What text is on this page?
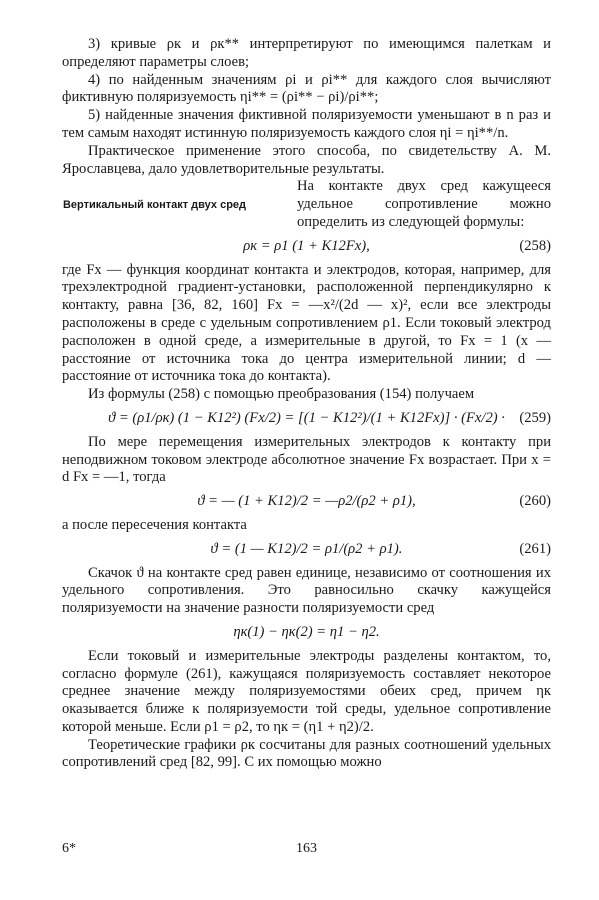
3) кривые ρк и ρк** интерпретируют по имеющимся палеткам и определяют параметры слоев;

4) по найденным значениям ρi и ρi** для каждого слоя вычисляют фиктивную поляризуемость ηi** = (ρi** − ρi)/ρi**;

5) найденные значения фиктивной поляризуемости уменьшают в n раз и тем самым находят истинную поляризуемость каждого слоя ηi = ηi**/n.

Практическое применение этого способа, по свидетельству А. М. Ярославцева, дало удовлетворительные результаты.

Вертикальный контакт двух сред
На контакте двух сред кажущееся удельное сопротивление можно определить из следующей формулы:
ρк = ρ1 (1 + K12Fx),	(258)

где Fx — функция координат контакта и электродов, которая, например, для трехэлектродной градиент-установки, расположенной перпендикулярно к контакту, равна [36, 82, 160] Fx = —x²/(2d — x)², если все электроды расположены в среде с удельным сопротивлением ρ1. Если токовый электрод расположен в одной среде, а измерительные в другой, то Fx = 1 (x — расстояние от источника тока до центра измерительной линии; d — расстояние от источника тока до контакта).

Из формулы (258) с помощью преобразования (154) получаем

ϑ = (ρ1/ρк) (1 − K12²) (Fx/2) = [(1 − K12²)/(1 + K12Fx)] · (Fx/2) · (259)

По мере перемещения измерительных электродов к контакту при неподвижном токовом электроде абсолютное значение Fx возрастает. При x = d Fx = —1, тогда

ϑ = — (1 + K12)/2 = —ρ2/(ρ2 + ρ1),	(260)

а после пересечения контакта

ϑ = (1 — K12)/2 = ρ1/(ρ2 + ρ1).	(261)

Скачок ϑ на контакте сред равен единице, независимо от соотношения их удельного сопротивления. Это равносильно скачку кажущейся поляризуемости на значение разности поляризуемости сред

ηк(1) − ηк(2) = η1 − η2.

Если токовый и измерительные электроды разделены контактом, то, согласно формуле (261), кажущаяся поляризуемость составляет некоторое среднее значение между поляризуемостями обеих сред, причем ηк оказывается ближе к поляризуемости той среды, удельное сопротивление которой меньше. Если ρ1 = ρ2, то ηк = (η1 + η2)/2.

Теоретические графики ρк сосчитаны для разных соотношений удельных сопротивлений сред [82, 99]. С их помощью можно

6*	163
